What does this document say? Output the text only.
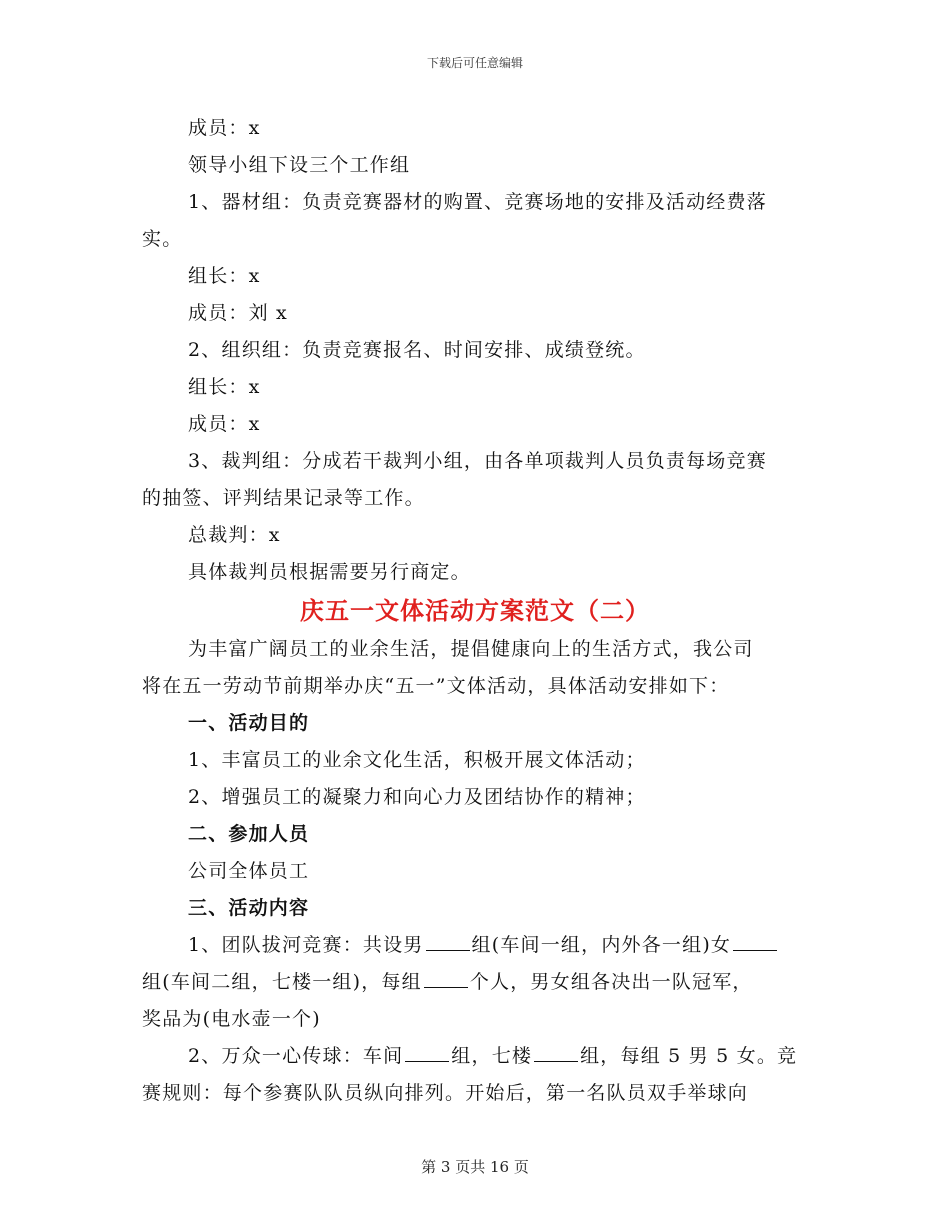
下载后可任意编辑

成员：x

领导小组下设三个工作组

1、器材组：负责竞赛器材的购置、竞赛场地的安排及活动经费落

实。

组长：x

成员：刘 x

2、组织组：负责竞赛报名、时间安排、成绩登统。

组长：x

成员：x

3、裁判组：分成若干裁判小组，由各单项裁判人员负责每场竞赛

的抽签、评判结果记录等工作。

总裁判：x

具体裁判员根据需要另行商定。

庆五一文体活动方案范文（二）

为丰富广阔员工的业余生活，提倡健康向上的生活方式，我公司

将在五一劳动节前期举办庆“五一”文体活动，具体活动安排如下：

一、活动目的

1、丰富员工的业余文化生活，积极开展文体活动；

2、增强员工的凝聚力和向心力及团结协作的精神；

二、参加人员

公司全体员工

三、活动内容

1、团队拔河竞赛：共设男	组(车间一组，内外各一组)女

组(车间二组，七楼一组)，每组	个人，男女组各决出一队冠军，

奖品为(电水壶一个)

2、万众一心传球：车间	组，七楼	组，每组 5 男 5 女。竞

赛规则：每个参赛队队员纵向排列。开始后，第一名队员双手举球向

第 3 页共 16 页
